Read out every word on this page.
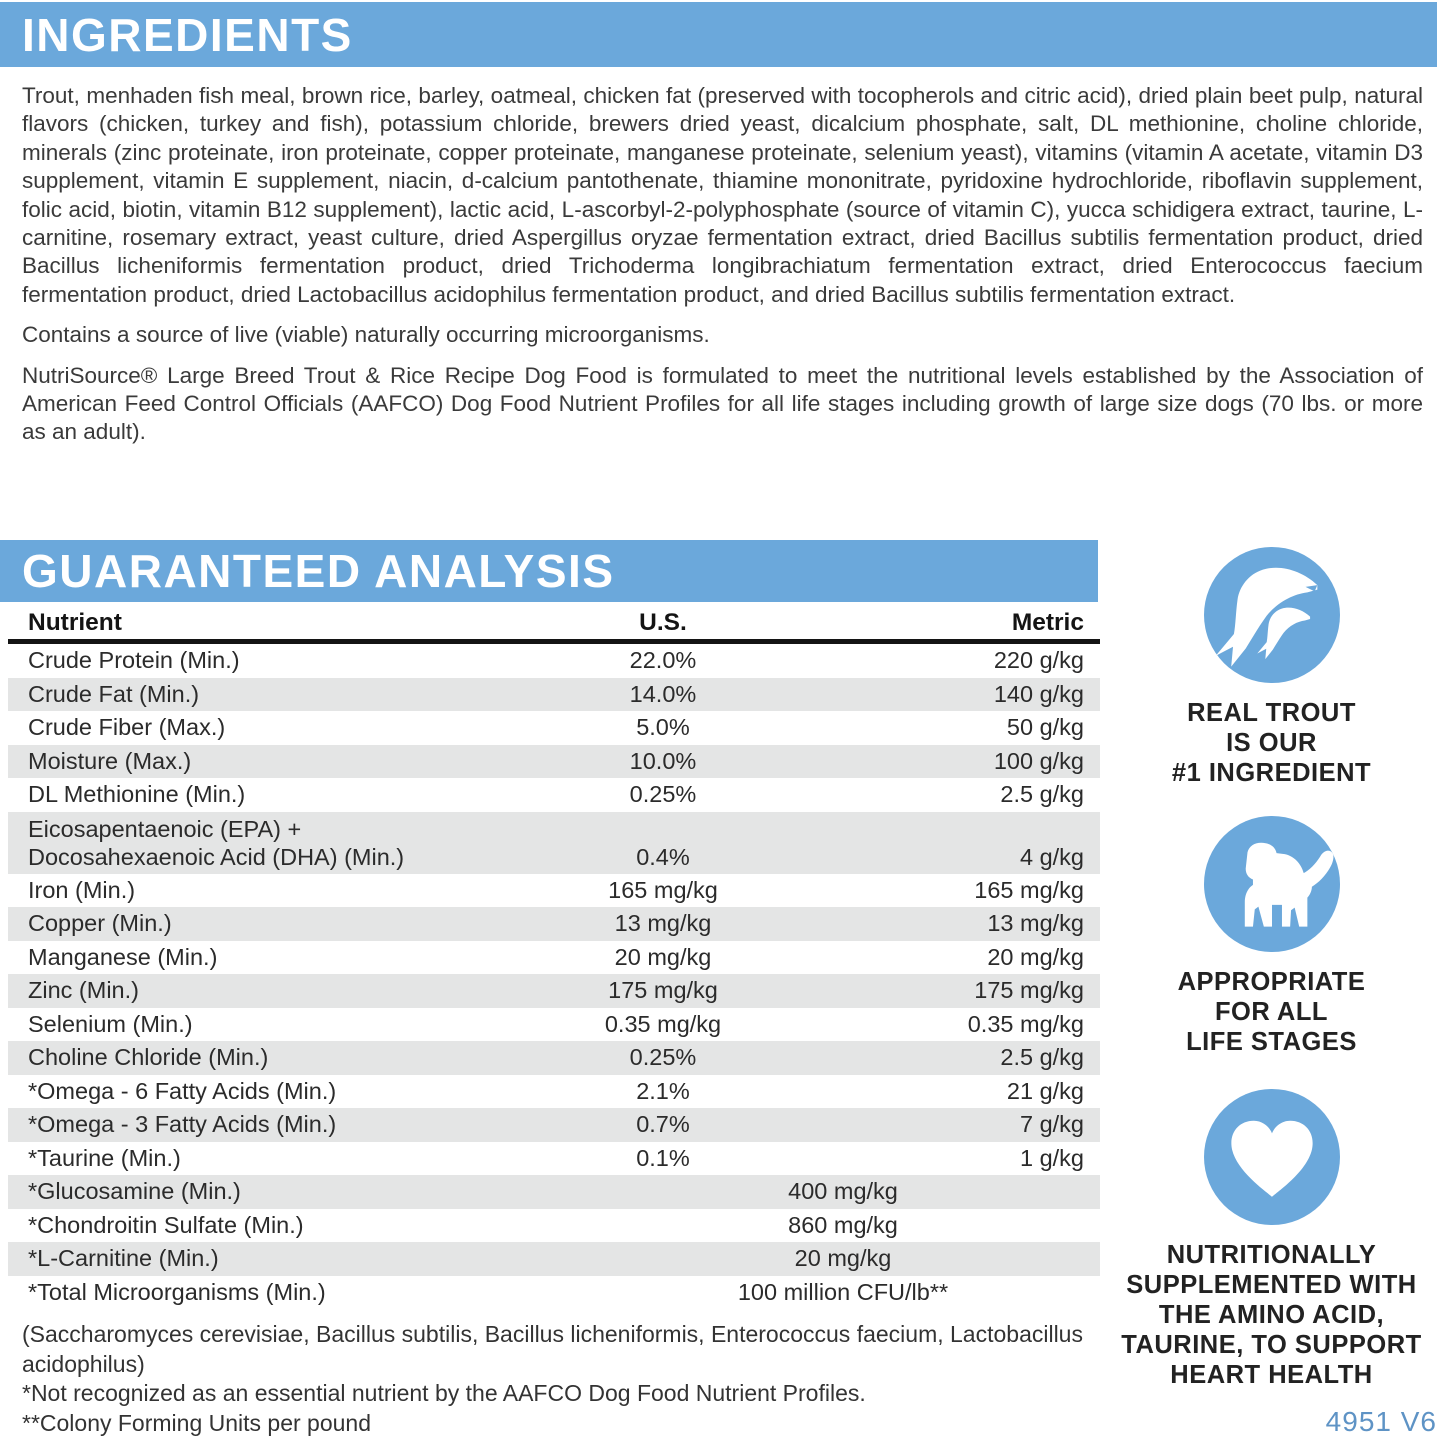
INGREDIENTS

Trout, menhaden fish meal, brown rice, barley, oatmeal, chicken fat (preserved with tocopherols and citric acid), dried plain beet pulp, natural flavors (chicken, turkey and fish), potassium chloride, brewers dried yeast, dicalcium phosphate, salt, DL methionine, choline chloride, minerals (zinc proteinate, iron proteinate, copper proteinate, manganese proteinate, selenium yeast), vitamins (vitamin A acetate, vitamin D3 supplement, vitamin E supplement, niacin, d-calcium pantothenate, thiamine mononitrate, pyridoxine hydrochloride, riboflavin supplement, folic acid, biotin, vitamin B12 supplement), lactic acid, L-ascorbyl-2-polyphosphate (source of vitamin C), yucca schidigera extract, taurine, L-carnitine, rosemary extract, yeast culture, dried Aspergillus oryzae fermentation extract, dried Bacillus subtilis fermentation product, dried Bacillus licheniformis fermentation product, dried Trichoderma longibrachiatum fermentation extract, dried Enterococcus faecium fermentation product, dried Lactobacillus acidophilus fermentation product, and dried Bacillus subtilis fermentation extract.

Contains a source of live (viable) naturally occurring microorganisms.

NutriSource® Large Breed Trout & Rice Recipe Dog Food is formulated to meet the nutritional levels established by the Association of American Feed Control Officials (AAFCO) Dog Food Nutrient Profiles for all life stages including growth of large size dogs (70 lbs. or more as an adult).

GUARANTEED ANALYSIS
Nutrient	U.S.	Metric
Crude Protein (Min.)	22.0%	220 g/kg
Crude Fat (Min.)	14.0%	140 g/kg
Crude Fiber (Max.)	5.0%	50 g/kg
Moisture (Max.)	10.0%	100 g/kg
DL Methionine (Min.)	0.25%	2.5 g/kg
Eicosapentaenoic (EPA) +
Docosahexaenoic Acid (DHA) (Min.)	0.4%	4 g/kg
Iron (Min.)	165 mg/kg	165 mg/kg
Copper (Min.)	13 mg/kg	13 mg/kg
Manganese (Min.)	20 mg/kg	20 mg/kg
Zinc (Min.)	175 mg/kg	175 mg/kg
Selenium (Min.)	0.35 mg/kg	0.35 mg/kg
Choline Chloride (Min.)	0.25%	2.5 g/kg
*Omega - 6 Fatty Acids (Min.)	2.1%	21 g/kg
*Omega - 3 Fatty Acids (Min.)	0.7%	7 g/kg
*Taurine (Min.)	0.1%	1 g/kg
*Glucosamine (Min.)	400 mg/kg
*Chondroitin Sulfate (Min.)	860 mg/kg
*L-Carnitine (Min.)	20 mg/kg
*Total Microorganisms (Min.)	100 million CFU/lb**

(Saccharomyces cerevisiae, Bacillus subtilis, Bacillus licheniformis, Enterococcus faecium, Lactobacillus acidophilus)

*Not recognized as an essential nutrient by the AAFCO Dog Food Nutrient Profiles.

**Colony Forming Units per pound

REAL TROUT
IS OUR
#1 INGREDIENT

APPROPRIATE
FOR ALL
LIFE STAGES

NUTRITIONALLY
SUPPLEMENTED WITH
THE AMINO ACID,
TAURINE, TO SUPPORT
HEART HEALTH

4951 V6
